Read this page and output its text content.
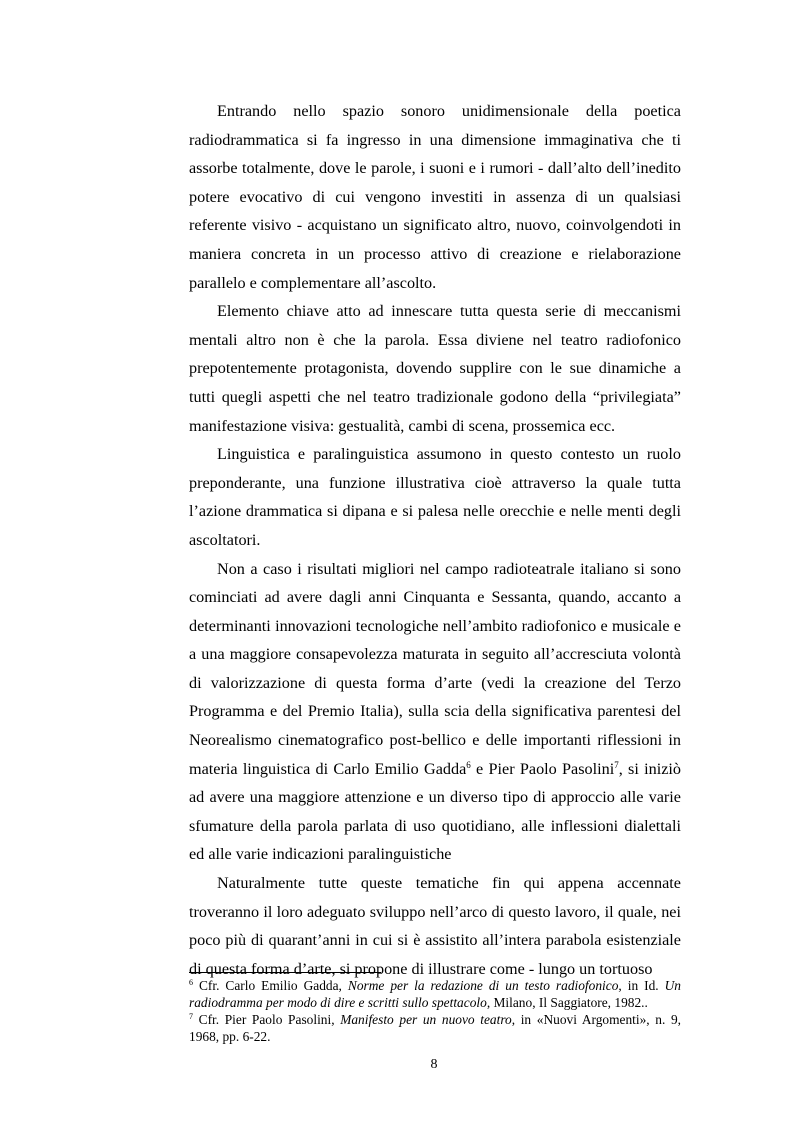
Entrando nello spazio sonoro unidimensionale della poetica radiodrammatica si fa ingresso in una dimensione immaginativa che ti assorbe totalmente, dove le parole, i suoni e i rumori - dall’alto dell’inedito potere evocativo di cui vengono investiti in assenza di un qualsiasi referente visivo - acquistano un significato altro, nuovo, coinvolgendoti in maniera concreta in un processo attivo di creazione e rielaborazione parallelo e complementare all’ascolto.

Elemento chiave atto ad innescare tutta questa serie di meccanismi mentali altro non è che la parola. Essa diviene nel teatro radiofonico prepotentemente protagonista, dovendo supplire con le sue dinamiche a tutti quegli aspetti che nel teatro tradizionale godono della “privilegiata” manifestazione visiva: gestualità, cambi di scena, prossemica ecc.

Linguistica e paralinguistica assumono in questo contesto un ruolo preponderante, una funzione illustrativa cioè attraverso la quale tutta l’azione drammatica si dipana e si palesa nelle orecchie e nelle menti degli ascoltatori.

Non a caso i risultati migliori nel campo radioteatrale italiano si sono cominciati ad avere dagli anni Cinquanta e Sessanta, quando, accanto a determinanti innovazioni tecnologiche nell’ambito radiofonico e musicale e a una maggiore consapevolezza maturata in seguito all’accresciuta volontà di valorizzazione di questa forma d’arte (vedi la creazione del Terzo Programma e del Premio Italia), sulla scia della significativa parentesi del Neorealismo cinematografico post-bellico e delle importanti riflessioni in materia linguistica di Carlo Emilio Gadda$^6$ e Pier Paolo Pasolini$^7$, si iniziò ad avere una maggiore attenzione e un diverso tipo di approccio alle varie sfumature della parola parlata di uso quotidiano, alle inflessioni dialettali ed alle varie indicazioni paralinguistiche

Naturalmente tutte queste tematiche fin qui appena accennate troveranno il loro adeguato sviluppo nell’arco di questo lavoro, il quale, nei poco più di quarant’anni in cui si è assistito all’intera parabola esistenziale di questa forma d’arte, si propone di illustrare come - lungo un tortuoso

$^6$ Cfr. Carlo Emilio Gadda, Norme per la redazione di un testo radiofonico, in Id. Un radiodramma per modo di dire e scritti sullo spettacolo, Milano, Il Saggiatore, 1982..

$^7$ Cfr. Pier Paolo Pasolini, Manifesto per un nuovo teatro, in «Nuovi Argomenti», n. 9, 1968, pp. 6-22.

8
